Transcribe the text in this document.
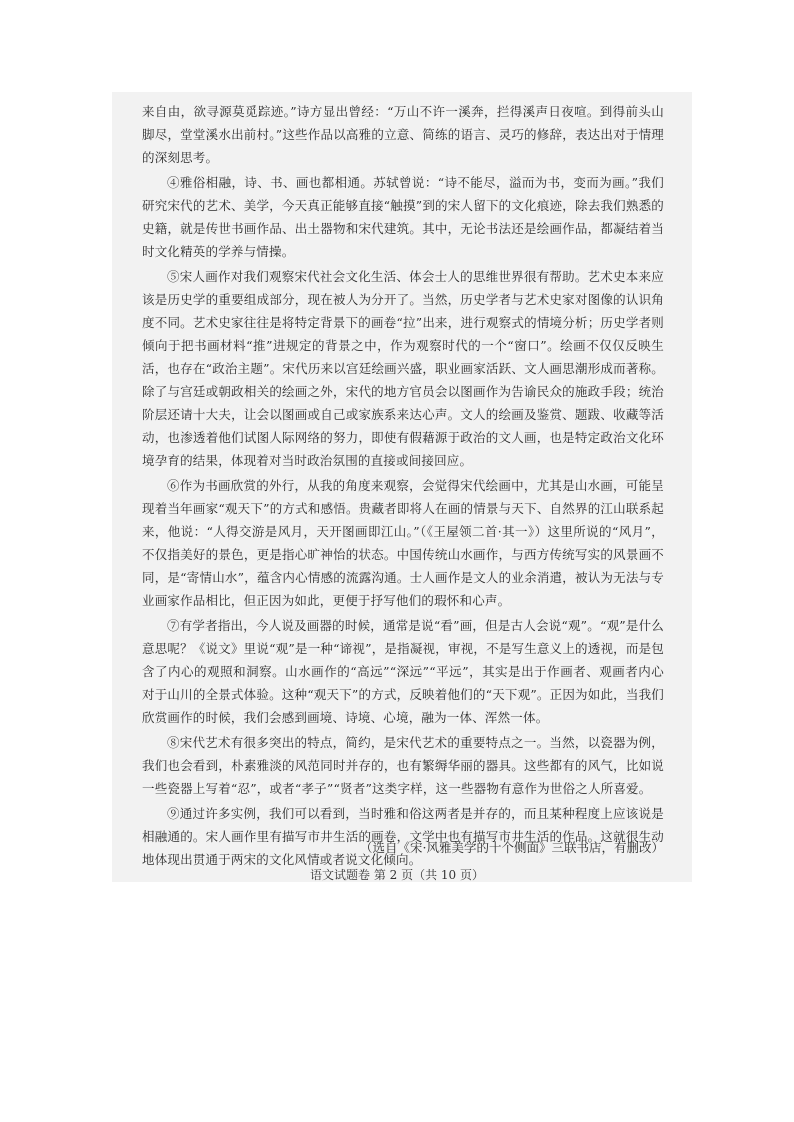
来自由，欲寻源莫觅踪迹。”诗方显出曾经：“万山不许一溪奔，拦得溪声日夜喧。到得前头山脚尽，堂堂溪水出前村。”这些作品以高雅的立意、简练的语言、灵巧的修辞，表达出对于情理的深刻思考。

④雅俗相融，诗、书、画也都相通。苏轼曾说：“诗不能尽，溢而为书，变而为画。”我们研究宋代的艺术、美学，今天真正能够直接“触摸”到的宋人留下的文化痕迹，除去我们熟悉的史籍，就是传世书画作品、出土器物和宋代建筑。其中，无论书法还是绘画作品，都凝结着当时文化精英的学养与情操。

⑤宋人画作对我们观察宋代社会文化生活、体会士人的思维世界很有帮助。艺术史本来应该是历史学的重要组成部分，现在被人为分开了。当然，历史学者与艺术史家对图像的认识角度不同。艺术史家往往是将特定背景下的画卷“拉”出来，进行观察式的情境分析；历史学者则倾向于把书画材料“推”进规定的背景之中，作为观察时代的一个“窗口”。绘画不仅仅反映生活，也存在“政治主题”。宋代历来以宫廷绘画兴盛，职业画家活跃、文人画思潮形成而著称。除了与宫廷或朝政相关的绘画之外，宋代的地方官员会以图画作为告谕民众的施政手段；统治阶层还请十大夫，让会以图画或自己或家族系来达心声。文人的绘画及鉴赏、题跋、收藏等活动，也渗透着他们试图人际网络的努力，即使有假藉源于政治的文人画，也是特定政治文化环境孕育的结果，体现着对当时政治氛围的直接或间接回应。

⑥作为书画欣赏的外行，从我的角度来观察，会觉得宋代绘画中，尤其是山水画，可能呈现着当年画家“观天下”的方式和感悟。贵藏者即将人在画的情景与天下、自然界的江山联系起来，他说：“人得交游是风月，天开图画即江山。”（《王屋领二首·其一》）这里所说的“风月”，不仅指美好的景色，更是指心旷神怡的状态。中国传统山水画作，与西方传统写实的风景画不同，是“寄情山水”，蕴含内心情感的流露沟通。士人画作是文人的业余消遣，被认为无法与专业画家作品相比，但正因为如此，更便于抒写他们的瑕怀和心声。

⑦有学者指出，今人说及画器的时候，通常是说“看”画，但是古人会说“观”。“观”是什么意思呢？《说文》里说“观”是一种“谛视”，是指凝视，审视，不是写生意义上的透视，而是包含了内心的观照和洞察。山水画作的“高远”“深远”“平远”，其实是出于作画者、观画者内心对于山川的全景式体验。这种“观天下”的方式，反映着他们的“天下观”。正因为如此，当我们欣赏画作的时候，我们会感到画境、诗境、心境，融为一体、浑然一体。

⑧宋代艺术有很多突出的特点，简约，是宋代艺术的重要特点之一。当然，以瓷器为例，我们也会看到，朴素雅淡的风范同时并存的，也有繁缛华丽的器具。这些都有的风气，比如说一些瓷器上写着“忍”，或者“孝子”“贤者”这类字样，这一些器物有意作为世俗之人所喜爱。

⑨通过许多实例，我们可以看到，当时雅和俗这两者是并存的，而且某种程度上应该说是相融通的。宋人画作里有描写市井生活的画卷，文学中也有描写市井生活的作品。这就很生动地体现出贯通于两宋的文化风情或者说文化倾向。

（选自《宋·风雅美学的十个侧面》三联书店，有删改）
语文试题卷 第 2 页（共 10 页）
